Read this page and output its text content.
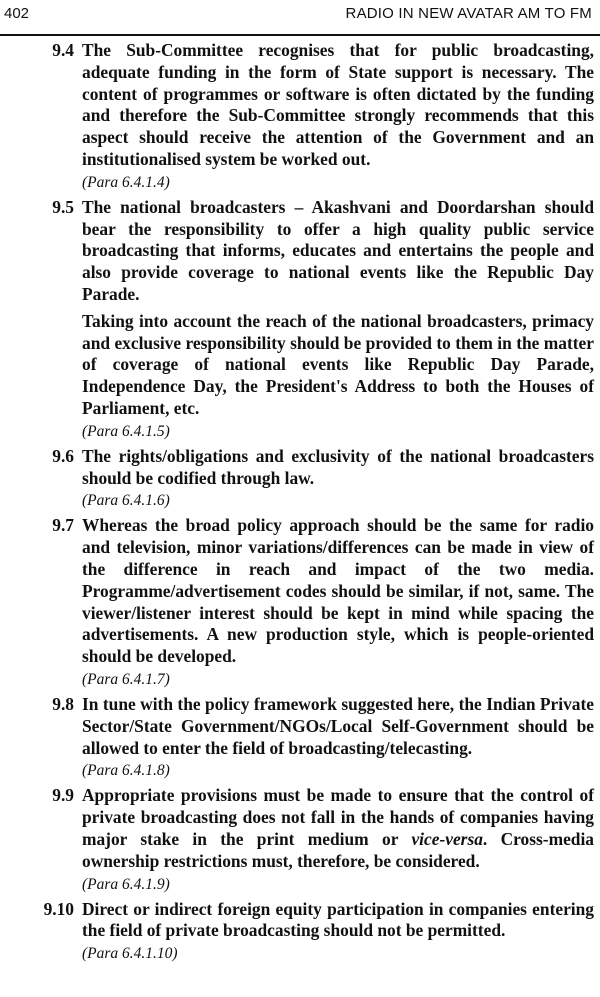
402	RADIO IN NEW AVATAR AM TO FM
9.4 The Sub-Committee recognises that for public broadcasting, adequate funding in the form of State support is necessary. The content of programmes or software is often dictated by the funding and therefore the Sub-Committee strongly recommends that this aspect should receive the attention of the Government and an institutionalised system be worked out.

(Para 6.4.1.4)
9.5 The national broadcasters – Akashvani and Doordarshan should bear the responsibility to offer a high quality public service broadcasting that informs, educates and entertains the people and also provide coverage to national events like the Republic Day Parade.

Taking into account the reach of the national broadcasters, primacy and exclusive responsibility should be provided to them in the matter of coverage of national events like Republic Day Parade, Independence Day, the President's Address to both the Houses of Parliament, etc.

(Para 6.4.1.5)
9.6 The rights/obligations and exclusivity of the national broadcasters should be codified through law.

(Para 6.4.1.6)
9.7 Whereas the broad policy approach should be the same for radio and television, minor variations/differences can be made in view of the difference in reach and impact of the two media. Programme/advertisement codes should be similar, if not, same. The viewer/listener interest should be kept in mind while spacing the advertisements. A new production style, which is people-oriented should be developed.

(Para 6.4.1.7)
9.8 In tune with the policy framework suggested here, the Indian Private Sector/State Government/NGOs/Local Self-Government should be allowed to enter the field of broadcasting/telecasting.

(Para 6.4.1.8)
9.9 Appropriate provisions must be made to ensure that the control of private broadcasting does not fall in the hands of companies having major stake in the print medium or vice-versa. Cross-media ownership restrictions must, therefore, be considered.

(Para 6.4.1.9)
9.10 Direct or indirect foreign equity participation in companies entering the field of private broadcasting should not be permitted.

(Para 6.4.1.10)
